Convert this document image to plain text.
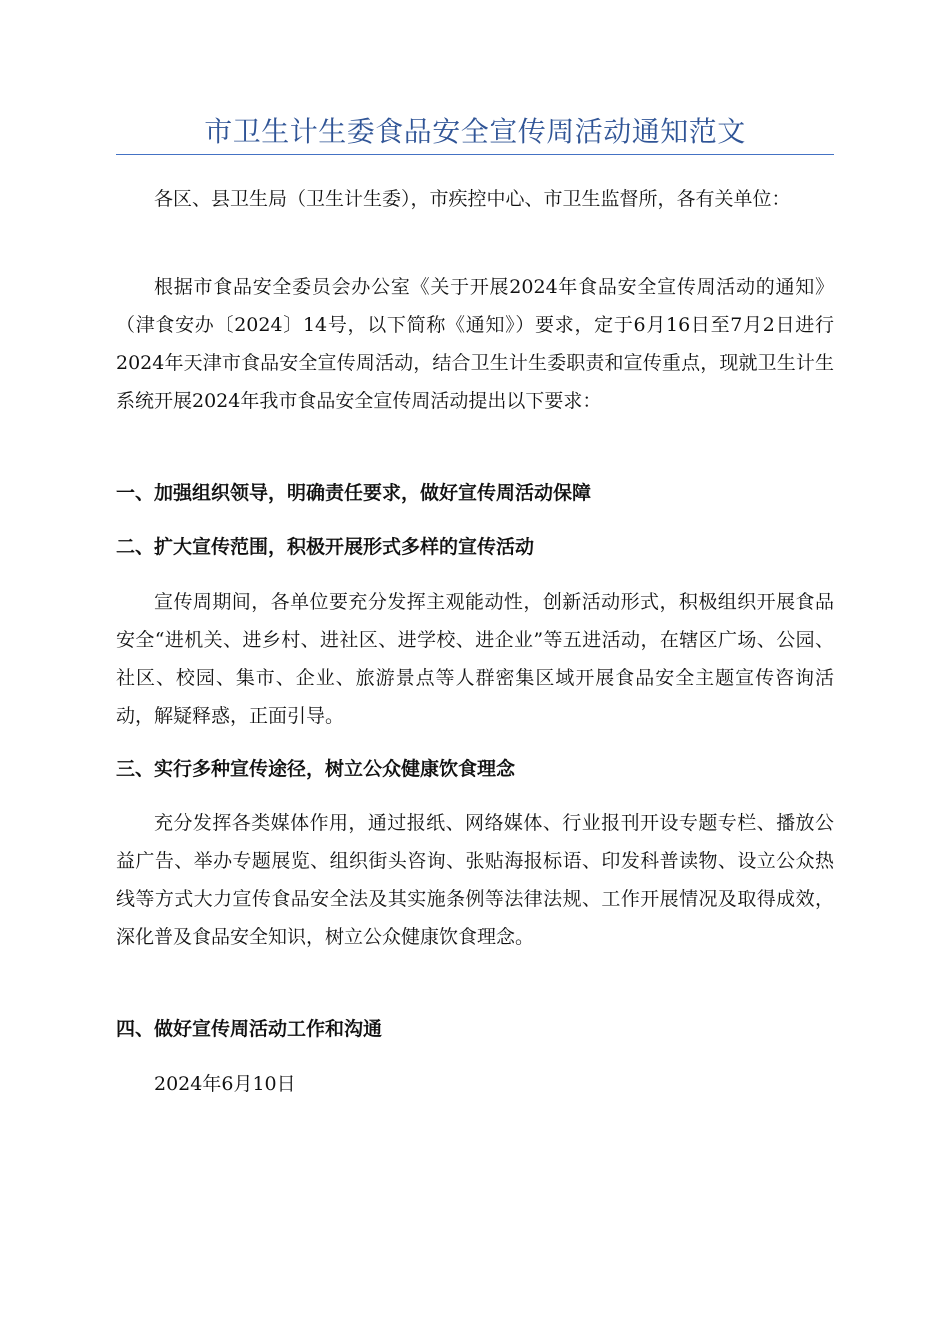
市卫生计生委食品安全宣传周活动通知范文

各区、县卫生局（卫生计生委），市疾控中心、市卫生监督所，各有关单位：

根据市食品安全委员会办公室《关于开展2024年食品安全宣传周活动的通知》（津食安办〔2024〕14号，以下简称《通知》）要求，定于6月16日至7月2日进行2024年天津市食品安全宣传周活动，结合卫生计生委职责和宣传重点，现就卫生计生系统开展2024年我市食品安全宣传周活动提出以下要求：

一、加强组织领导，明确责任要求，做好宣传周活动保障

二、扩大宣传范围，积极开展形式多样的宣传活动

宣传周期间，各单位要充分发挥主观能动性，创新活动形式，积极组织开展食品安全“进机关、进乡村、进社区、进学校、进企业”等五进活动，在辖区广场、公园、社区、校园、集市、企业、旅游景点等人群密集区域开展食品安全主题宣传咨询活动，解疑释惑，正面引导。

三、实行多种宣传途径，树立公众健康饮食理念

充分发挥各类媒体作用，通过报纸、网络媒体、行业报刊开设专题专栏、播放公益广告、举办专题展览、组织街头咨询、张贴海报标语、印发科普读物、设立公众热线等方式大力宣传食品安全法及其实施条例等法律法规、工作开展情况及取得成效，深化普及食品安全知识，树立公众健康饮食理念。

四、做好宣传周活动工作和沟通

2024年6月10日
